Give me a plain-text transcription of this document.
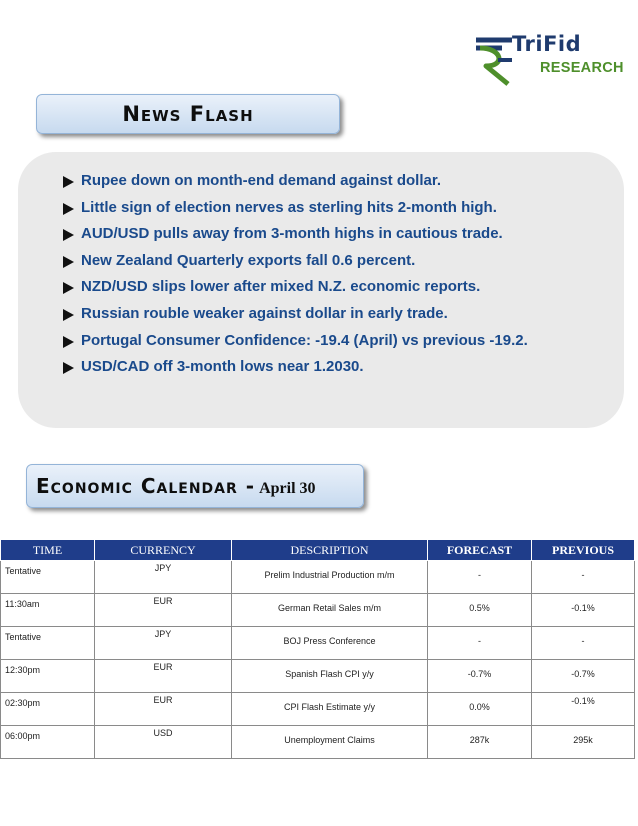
TriFid
RESEARCH
News Flash
Rupee down on month-end demand against dollar.
Little sign of election nerves as sterling hits 2-month high.
AUD/USD pulls away from 3-month highs in cautious trade.
New Zealand Quarterly exports fall 0.6 percent.
NZD/USD slips lower after mixed N.Z. economic reports.
Russian rouble weaker against dollar in early trade.
Portugal Consumer Confidence: -19.4 (April) vs previous -19.2.
USD/CAD off 3-month lows near 1.2030.
Economic Calendar - April 30
TIME	CURRENCY	DESCRIPTION	FORECAST	PREVIOUS
Tentative	JPY	Prelim Industrial Production m/m	-	-
11:30am	EUR	German Retail Sales m/m	0.5%	-0.1%
Tentative	JPY	BOJ Press Conference	-	-
12:30pm	EUR	Spanish Flash CPI y/y	-0.7%	-0.7%
02:30pm	EUR	CPI Flash Estimate y/y	0.0%	-0.1%
06:00pm	USD	Unemployment Claims	287k	295k
